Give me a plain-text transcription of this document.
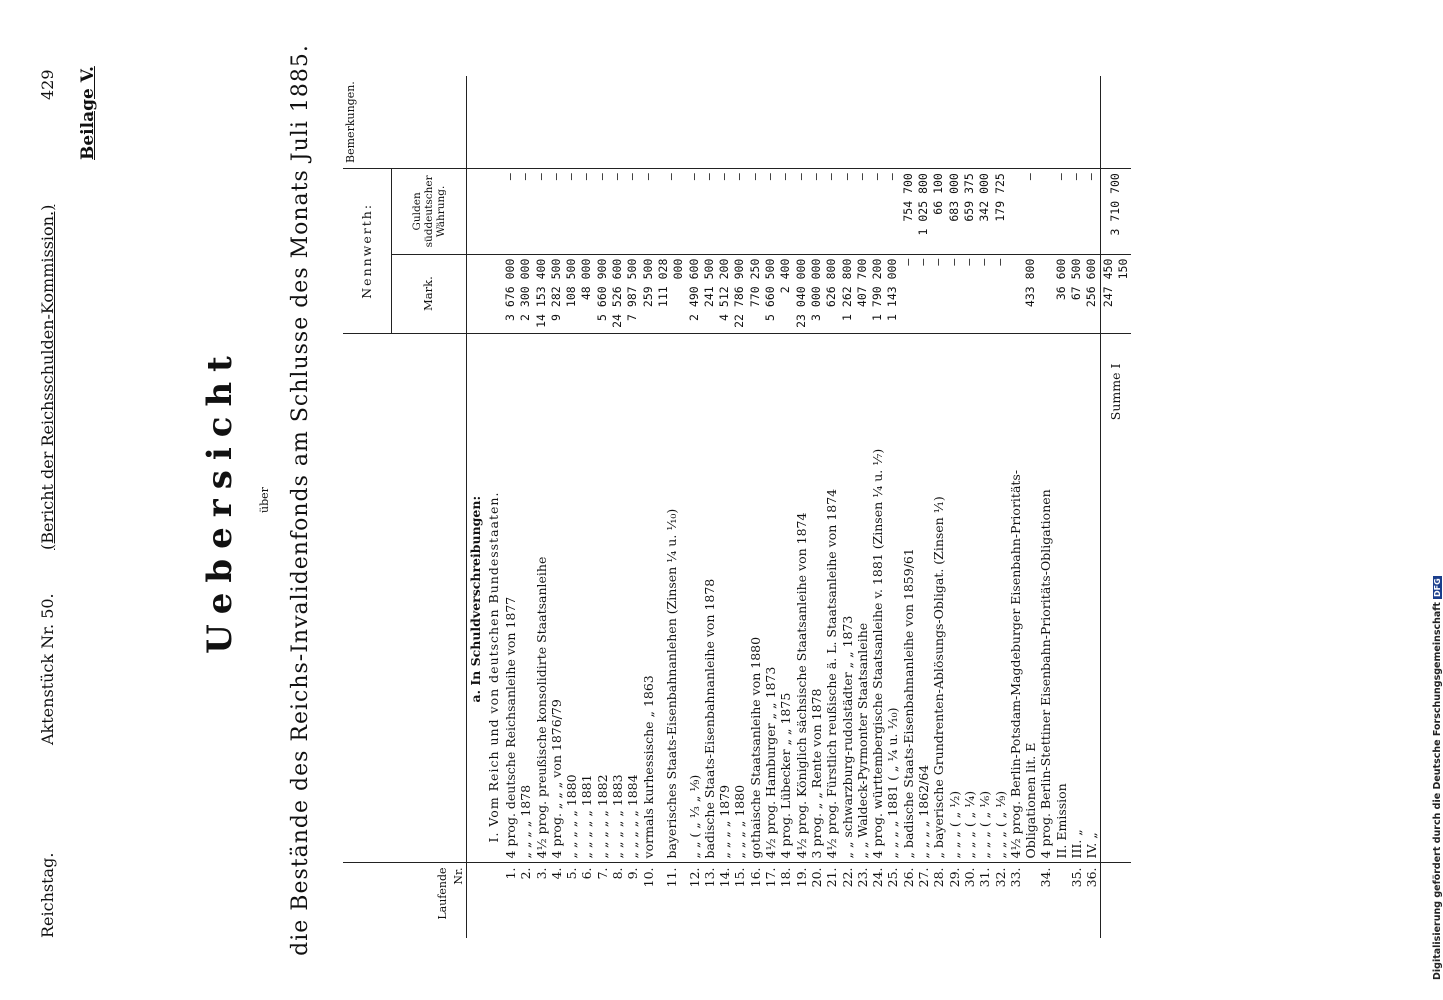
Reichstag.
Aktenstück Nr. 50.
(Bericht der Reichsschulden-Kommission.)
429 Beilage V.
Uebersicht über die Bestände des Reichs-Invalidenfonds am Schlusse des Monats Juli 1885.	Laufende Nr.		Nennwerth:		Bemerkungen.
		Mark.	Gulden süddeutscher Währung.	
	a. In Schuldverschreibungen:			
	I. Vom Reich und von deutschen Bundesstaaten.			
1.	4 prog. deutsche Reichsanleihe von 1877	3 676 000	—	
2.	„ „ „ „ 1878	2 300 000	—	
3.	4½ prog. preußische konsolidirte Staatsanleihe	14 153 400	—	
4.	4 prog. „ „ „ von 1876/79	9 282 500	—	
5.	„ „ „ „ „ 1880	108 500	—	
6.	„ „ „ „ „ 1881	48 000	—	
7.	„ „ „ „ „ 1882	5 660 900	—	
8.	„ „ „ „ „ 1883	24 526 600	—	
9.	„ „ „ „ „ 1884	7 987 500	—	
10.	vormals kurhessische „ 1863	259 500	—	
11.	bayerisches Staats-Eisenbahnanlehen (Zinsen ¼ u. ⅒)	111 028 000	—	
12.	„ „ ( „ ⅓ „ ⅑)	2 490 600	—	
13.	badische Staats-Eisenbahnanleihe von 1878	241 500	—	
14.	„ „ „ „ 1879	4 512 200	—	
15.	„ „ „ „ 1880	22 786 900	—	
16.	gothaische Staatsanleihe von 1880	770 250	—	
17.	4½ prog. Hamburger „ „ 1873	5 660 500	—	
18.	4 prog. Lübecker „ „ 1875	2 400	—	
19.	4½ prog. Königlich sächsische Staatsanleihe von 1874	23 040 000	—	
20.	3 prog. „ „ Rente von 1878	3 000 000	—	
21.	4½ prog. Fürstlich reußische ä. L. Staatsanleihe von 1874	626 800	—	
22.	„ „ schwarzburg-rudolstädter „ „ 1873	1 262 800	—	
23.	„ „ Waldeck-Pyrmonter Staatsanleihe	407 700	—	
24.	4 prog. württembergische Staatsanleihe v. 1881 (Zinsen ¼ u. ⅐)	1 790 200	—	
25.	„ „ „ „ 1881 ( „ ¼ u. ⅒)	1 143 000	—	
26.	„ badische Staats-Eisenbahnanleihe von 1859/61	—	754 700	
27.	„ „ „ „ 1862/64	—	1 025 800	
28.	„ bayerische Grundrenten-Ablösungs-Obligat. (Zinsen ⅟₁)	—	66 100	
29.	„ „ „ ( „ ½)	—	683 000	
30.	„ „ „ ( „ ¼)	—	659 375	
31.	„ „ „ ( „ ⅙)	—	342 000	
32.	„ „ „ ( „ ⅑)	—	179 725	
33.	4½ prog. Berlin-Potsdam-Magdeburger Eisenbahn-Prioritäts-			
	Obligationen lit. E	433 800	—	
34.	4 prog. Berlin-Stettiner Eisenbahn-Prioritäts-Obligationen			
	II. Emission	36 600	—	
35.	III. „	67 500	—	
36.	IV. „	256 600	—	
	Summe I	247 450 150	3 710 700	
Digitalisierung gefördert durch die Deutsche ForschungsgemeinschaftDFG
